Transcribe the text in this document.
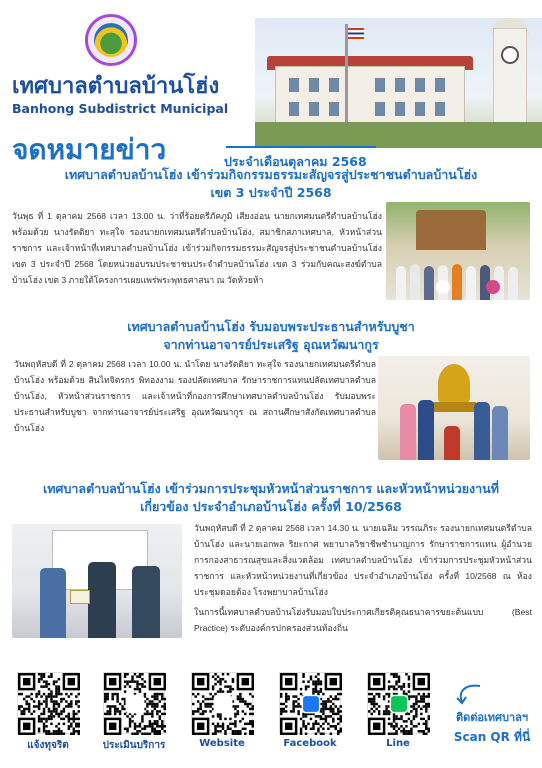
เทศบาลตำบลบ้านโฮ่ง
Banhong Subdistrict Municipal
จดหมายข่าว	ประจำเดือนตุลาคม 2568
เทศบาลตำบลบ้านโฮ่ง เข้าร่วมกิจกรรมธรรมะสัญจรสู่ประชาชนตำบลบ้านโฮ่ง
เขต 3 ประจำปี 2568
วันพุธ ที่ 1 ตุลาคม 2568 เวลา 13.00 น. ว่าที่ร้อยตรีภัคภูมิ เสียงอ่อน นายกเทศมนตรีตำบลบ้านโฮ่ง พร้อมด้วย นางรัตติยา ทะสุใจ รองนายกเทศมนตรีตำบลบ้านโฮ่ง, สมาชิกสภาเทศบาล, หัวหน้าส่วนราชการ และเจ้าหน้าที่เทศบาลตำบลบ้านโฮ่ง เข้าร่วมกิจกรรมธรรมะสัญจรสู่ประชาชนตำบลบ้านโฮ่ง เขต 3 ประจำปี 2568 โดยหน่วยอบรมประชาชนประจำตำบลบ้านโฮ่ง เขต 3 ร่วมกับคณะสงฆ์ตำบลบ้านโฮ่ง เขต 3 ภายใต้โครงการเผยแพร่พระพุทธศาสนา ณ วัดห้วยห้า
เทศบาลตำบลบ้านโฮ่ง รับมอบพระประธานสำหรับบูชา
จากท่านอาจารย์ประเสริฐ อุณหวัฒนากูร
วันพฤหัสบดี ที่ 2 ตุลาคม 2568 เวลา 10.00 น. นำโดย นางรัตติยา ทะสุใจ รองนายกเทศมนตรีตำบลบ้านโฮ่ง พร้อมด้วย สินไทจิตรกร พิทองงาม รองปลัดเทศบาล รักษาราชการแทนปลัดเทศบาลตำบลบ้านโฮ่ง, หัวหน้าส่วนราชการ และเจ้าหน้าที่กองการศึกษาเทศบาลตำบลบ้านโฮ่ง รับมอบพระประธานสำหรับบูชา จากท่านอาจารย์ประเสริฐ อุณหวัฒนากูร ณ สถานศึกษาสังกัดเทศบาลตำบลบ้านโฮ่ง
เทศบาลตำบลบ้านโฮ่ง เข้าร่วมการประชุมหัวหน้าส่วนราชการ และหัวหน้าหน่วยงานที่
เกี่ยวข้อง ประจำอำเภอบ้านโฮ่ง ครั้งที่ 10/2568
วันพฤหัสบดี ที่ 2 ตุลาคม 2568 เวลา 14.30 น. นายเฉลิม วรรณภิระ รองนายกเทศมนตรีตำบลบ้านโฮ่ง และนายเอกพล ริยะกาศ พยาบาลวิชาชีพชำนาญการ รักษาราชการแทน ผู้อำนวยการกองสาธารณสุขและสิ่งแวดล้อม เทศบาลตำบลบ้านโฮ่ง เข้าร่วมการประชุมหัวหน้าส่วนราชการ และหัวหน้าหน่วยงานที่เกี่ยวข้อง ประจำอำเภอบ้านโฮ่ง ครั้งที่ 10/2568 ณ ห้องประชุมดอยต้อง โรงพยาบาลบ้านโฮ่ง
ในการนี้เทศบาลตำบลบ้านโฮ่งรับมอบใบประกาศเกียรติคุณธนาคารขยะต้นแบบ (Best Practice) ระดับองค์กรปกครองส่วนท้องถิ่น
แจ้งทุจริต	ประเมินบริการ	Website	Facebook	Line
ติดต่อเทศบาลฯ
Scan QR ที่นี่
